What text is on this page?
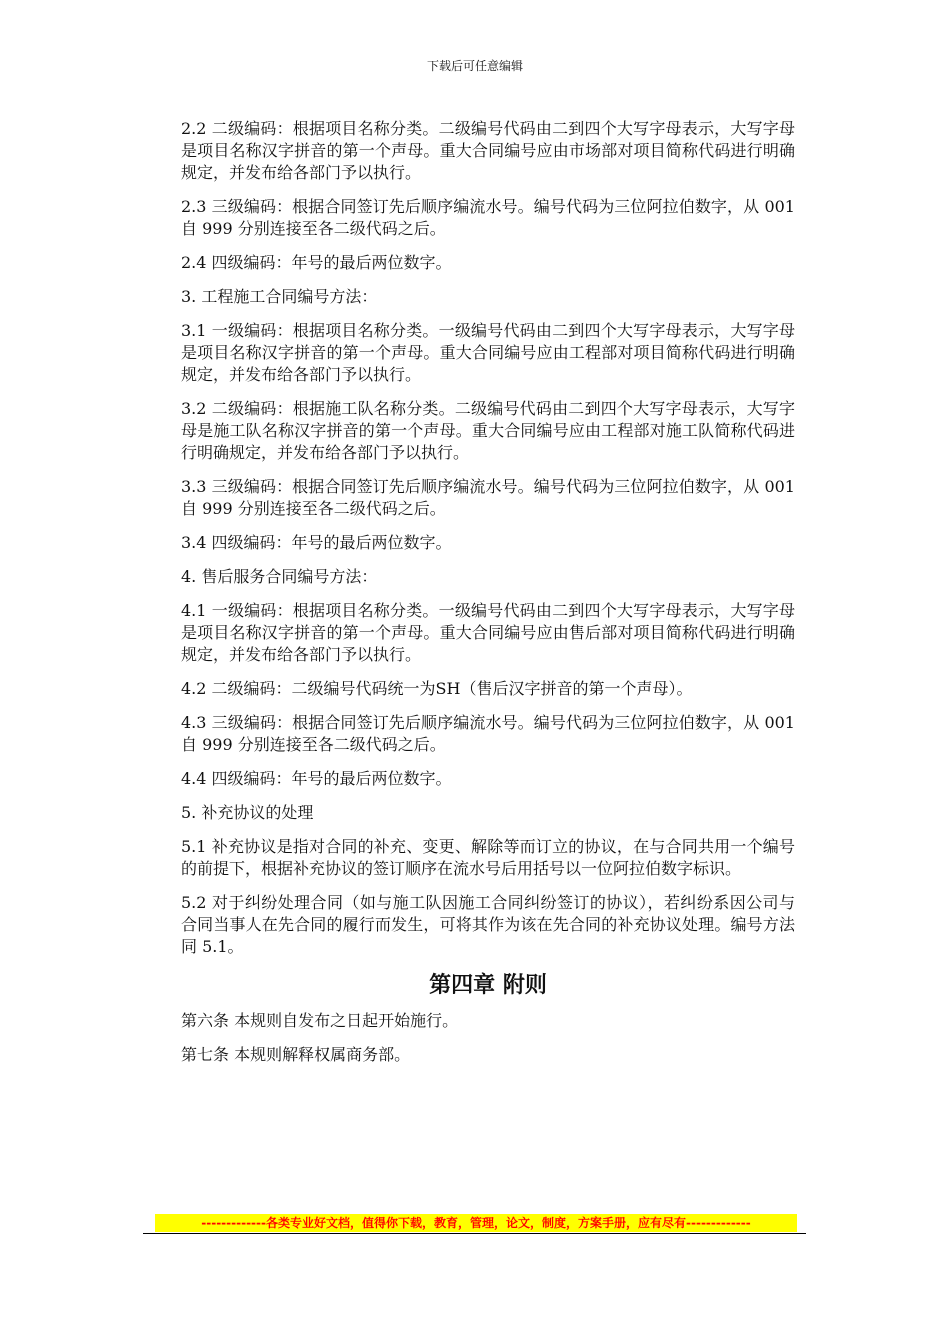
下载后可任意编辑

2.2 二级编码：根据项目名称分类。二级编号代码由二到四个大写字母表示，大写字母是项目名称汉字拼音的第一个声母。重大合同编号应由市场部对项目简称代码进行明确规定，并发布给各部门予以执行。

2.3 三级编码：根据合同签订先后顺序编流水号。编号代码为三位阿拉伯数字，从 001 自 999 分别连接至各二级代码之后。

2.4 四级编码：年号的最后两位数字。

3. 工程施工合同编号方法：

3.1 一级编码：根据项目名称分类。一级编号代码由二到四个大写字母表示，大写字母是项目名称汉字拼音的第一个声母。重大合同编号应由工程部对项目简称代码进行明确规定，并发布给各部门予以执行。

3.2 二级编码：根据施工队名称分类。二级编号代码由二到四个大写字母表示，大写字母是施工队名称汉字拼音的第一个声母。重大合同编号应由工程部对施工队简称代码进行明确规定，并发布给各部门予以执行。

3.3 三级编码：根据合同签订先后顺序编流水号。编号代码为三位阿拉伯数字，从 001 自 999 分别连接至各二级代码之后。

3.4 四级编码：年号的最后两位数字。

4. 售后服务合同编号方法：

4.1 一级编码：根据项目名称分类。一级编号代码由二到四个大写字母表示，大写字母是项目名称汉字拼音的第一个声母。重大合同编号应由售后部对项目简称代码进行明确规定，并发布给各部门予以执行。

4.2 二级编码：二级编号代码统一为SH（售后汉字拼音的第一个声母）。

4.3 三级编码：根据合同签订先后顺序编流水号。编号代码为三位阿拉伯数字，从 001 自 999 分别连接至各二级代码之后。

4.4 四级编码：年号的最后两位数字。

5. 补充协议的处理

5.1 补充协议是指对合同的补充、变更、解除等而订立的协议，在与合同共用一个编号的前提下，根据补充协议的签订顺序在流水号后用括号以一位阿拉伯数字标识。

5.2 对于纠纷处理合同（如与施工队因施工合同纠纷签订的协议），若纠纷系因公司与合同当事人在先合同的履行而发生，可将其作为该在先合同的补充协议处理。编号方法同 5.1。

第四章 附则

第六条 本规则自发布之日起开始施行。

第七条 本规则解释权属商务部。

-------------各类专业好文档，值得你下载，教育，管理，论文，制度，方案手册，应有尽有-------------
